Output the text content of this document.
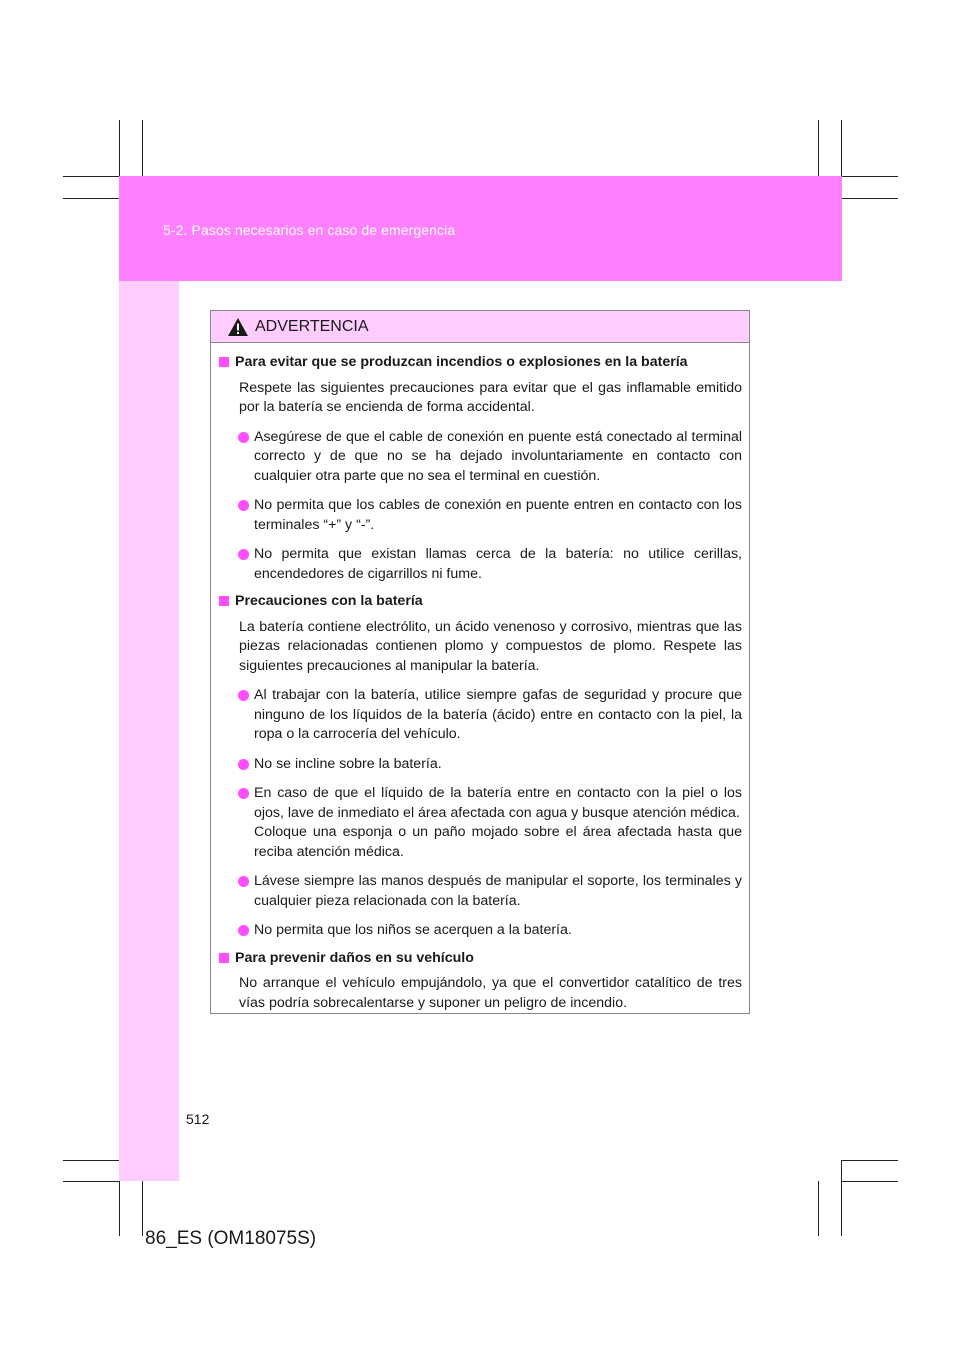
5-2. Pasos necesarios en caso de emergencia
ADVERTENCIA
Para evitar que se produzcan incendios o explosiones en la batería
Respete las siguientes precauciones para evitar que el gas inflamable emitido por la batería se encienda de forma accidental.
Asegúrese de que el cable de conexión en puente está conectado al terminal correcto y de que no se ha dejado involuntariamente en contacto con cualquier otra parte que no sea el terminal en cuestión.
No permita que los cables de conexión en puente entren en contacto con los terminales “+” y “-”.
No permita que existan llamas cerca de la batería: no utilice cerillas, encendedores de cigarrillos ni fume.
Precauciones con la batería
La batería contiene electrólito, un ácido venenoso y corrosivo, mientras que las piezas relacionadas contienen plomo y compuestos de plomo. Respete las siguientes precauciones al manipular la batería.
Al trabajar con la batería, utilice siempre gafas de seguridad y procure que ninguno de los líquidos de la batería (ácido) entre en contacto con la piel, la ropa o la carrocería del vehículo.
No se incline sobre la batería.
En caso de que el líquido de la batería entre en contacto con la piel o los ojos, lave de inmediato el área afectada con agua y busque atención médica.
Coloque una esponja o un paño mojado sobre el área afectada hasta que reciba atención médica.
Lávese siempre las manos después de manipular el soporte, los terminales y cualquier pieza relacionada con la batería.
No permita que los niños se acerquen a la batería.
Para prevenir daños en su vehículo
No arranque el vehículo empujándolo, ya que el convertidor catalítico de tres vías podría sobrecalentarse y suponer un peligro de incendio.
512
86_ES (OM18075S)
